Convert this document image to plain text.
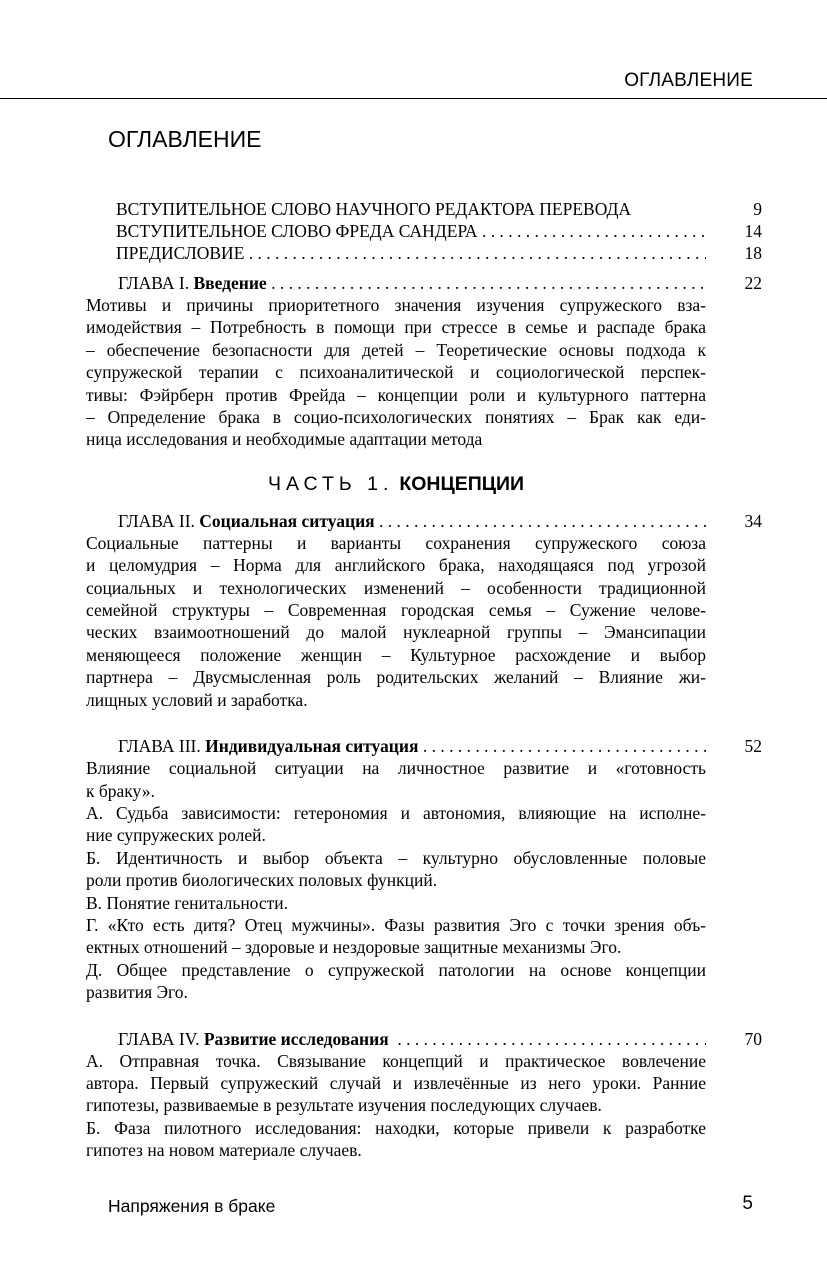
ОГЛАВЛЕНИЕ
ОГЛАВЛЕНИЕ
ВСТУПИТЕЛЬНОЕ СЛОВО НАУЧНОГО РЕДАКТОРА ПЕРЕВОДА	9
ВСТУПИТЕЛЬНОЕ СЛОВО ФРЕДА САНДЕРА . . .	14
ПРЕДИСЛОВИЕ . . .	18
ГЛАВА I. Введение . . .	22

Мотивы и причины приоритетного значения изучения супружеского вза-

имодействия – Потребность в помощи при стрессе в семье и распаде брака

– обеспечение безопасности для детей – Теоретические основы подхода к

супружеской терапии с психоаналитической и социологической перспек-

тивы: Фэйрберн против Фрейда – концепции роли и культурного паттерна

– Определение брака в социо-психологических понятиях – Брак как еди-

ница исследования и необходимые адаптации метода

ЧАСТЬ 1. КОНЦЕПЦИИ
ГЛАВА II. Социальная ситуация . . .	34

Социальные паттерны и варианты сохранения супружеского союза

и целомудрия – Норма для английского брака, находящаяся под угрозой

социальных и технологических изменений – особенности традиционной

семейной структуры – Современная городская семья – Сужение челове-

ческих взаимоотношений до малой нуклеарной группы – Эмансипации

меняющееся положение женщин – Культурное расхождение и выбор

партнера – Двусмысленная роль родительских желаний – Влияние жи-

лищных условий и заработка.

ГЛАВА III. Индивидуальная ситуация . . .	52

Влияние социальной ситуации на личностное развитие и «готовность

к браку».

А. Судьба зависимости: гетерономия и автономия, влияющие на исполне-

ние супружеских ролей.

Б. Идентичность и выбор объекта – культурно обусловленные половые

роли против биологических половых функций.

В. Понятие генитальности.

Г. «Кто есть дитя? Отец мужчины». Фазы развития Эго с точки зрения объ-

ектных отношений – здоровые и нездоровые защитные механизмы Эго.

Д. Общее представление о супружеской патологии на основе концепции

развития Эго.

ГЛАВА IV. Развитие исследования . . .	70

А. Отправная точка. Связывание концепций и практическое вовлечение

автора. Первый супружеский случай и извлечённые из него уроки. Ранние

гипотезы, развиваемые в результате изучения последующих случаев.

Б. Фаза пилотного исследования: находки, которые привели к разработке

гипотез на новом материале случаев.

Напряжения в браке	5
